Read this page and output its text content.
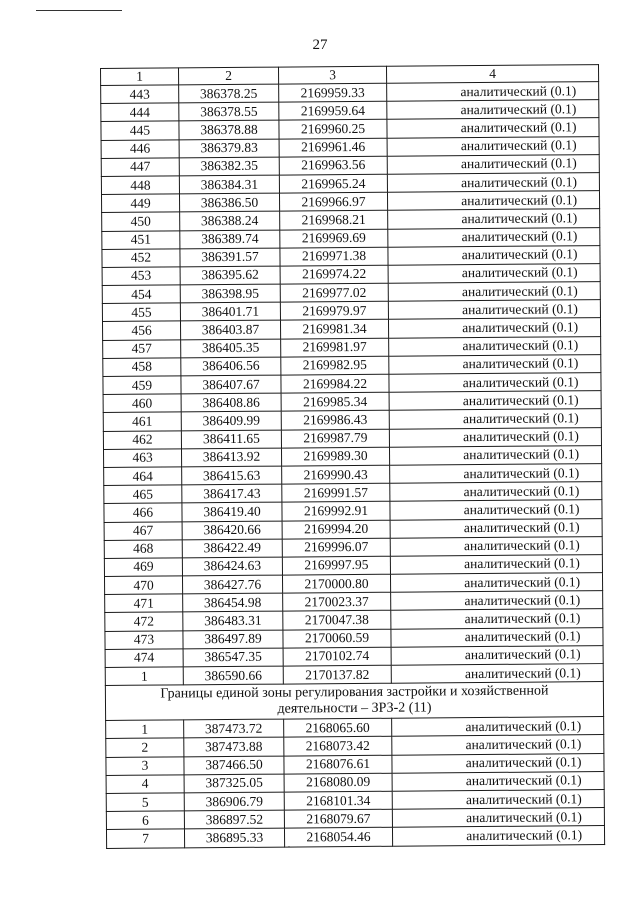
27
1	2	3	4
443	386378.25	2169959.33	аналитический (0.1)
444	386378.55	2169959.64	аналитический (0.1)
445	386378.88	2169960.25	аналитический (0.1)
446	386379.83	2169961.46	аналитический (0.1)
447	386382.35	2169963.56	аналитический (0.1)
448	386384.31	2169965.24	аналитический (0.1)
449	386386.50	2169966.97	аналитический (0.1)
450	386388.24	2169968.21	аналитический (0.1)
451	386389.74	2169969.69	аналитический (0.1)
452	386391.57	2169971.38	аналитический (0.1)
453	386395.62	2169974.22	аналитический (0.1)
454	386398.95	2169977.02	аналитический (0.1)
455	386401.71	2169979.97	аналитический (0.1)
456	386403.87	2169981.34	аналитический (0.1)
457	386405.35	2169981.97	аналитический (0.1)
458	386406.56	2169982.95	аналитический (0.1)
459	386407.67	2169984.22	аналитический (0.1)
460	386408.86	2169985.34	аналитический (0.1)
461	386409.99	2169986.43	аналитический (0.1)
462	386411.65	2169987.79	аналитический (0.1)
463	386413.92	2169989.30	аналитический (0.1)
464	386415.63	2169990.43	аналитический (0.1)
465	386417.43	2169991.57	аналитический (0.1)
466	386419.40	2169992.91	аналитический (0.1)
467	386420.66	2169994.20	аналитический (0.1)
468	386422.49	2169996.07	аналитический (0.1)
469	386424.63	2169997.95	аналитический (0.1)
470	386427.76	2170000.80	аналитический (0.1)
471	386454.98	2170023.37	аналитический (0.1)
472	386483.31	2170047.38	аналитический (0.1)
473	386497.89	2170060.59	аналитический (0.1)
474	386547.35	2170102.74	аналитический (0.1)
1	386590.66	2170137.82	аналитический (0.1)

Границы единой зоны регулирования застройки и хозяйственной
деятельности – ЗРЗ-2 (11)			

1	387473.72	2168065.60	аналитический (0.1)
2	387473.88	2168073.42	аналитический (0.1)
3	387466.50	2168076.61	аналитический (0.1)
4	387325.05	2168080.09	аналитический (0.1)
5	386906.79	2168101.34	аналитический (0.1)
6	386897.52	2168079.67	аналитический (0.1)
7	386895.33	2168054.46	аналитический (0.1)
